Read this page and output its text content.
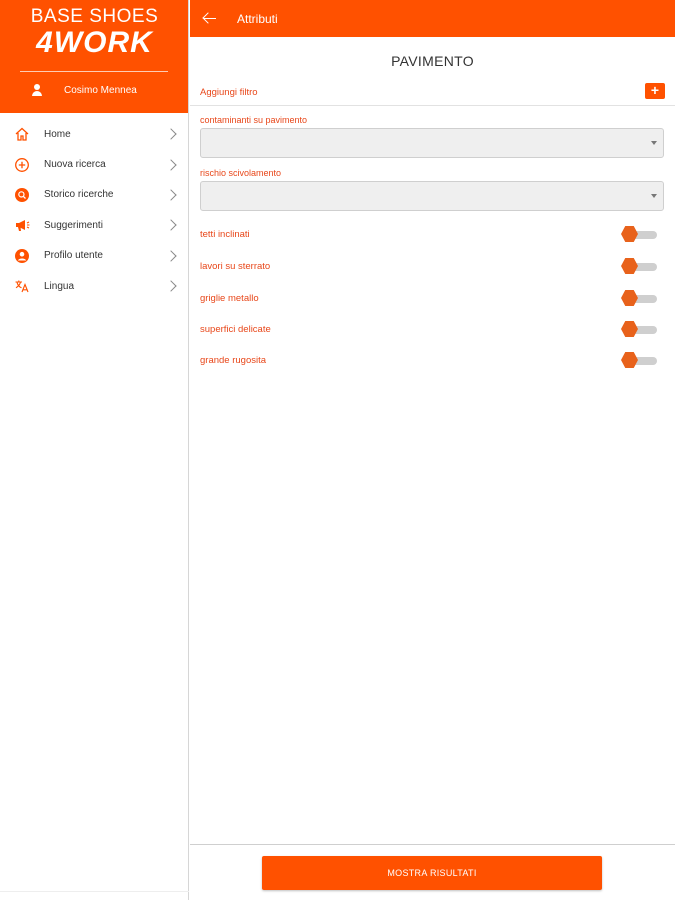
BASE SHOES
4WORK
Cosimo Mennea
Home
Nuova ricerca
Storico ricerche
Suggerimenti
Profilo utente
Lingua
Attributi
PAVIMENTO
Aggiungi filtro	+
contaminanti su pavimento
rischio scivolamento
tetti inclinati
lavori su sterrato
griglie metallo
superfici delicate
grande rugosita
MOSTRA RISULTATI
